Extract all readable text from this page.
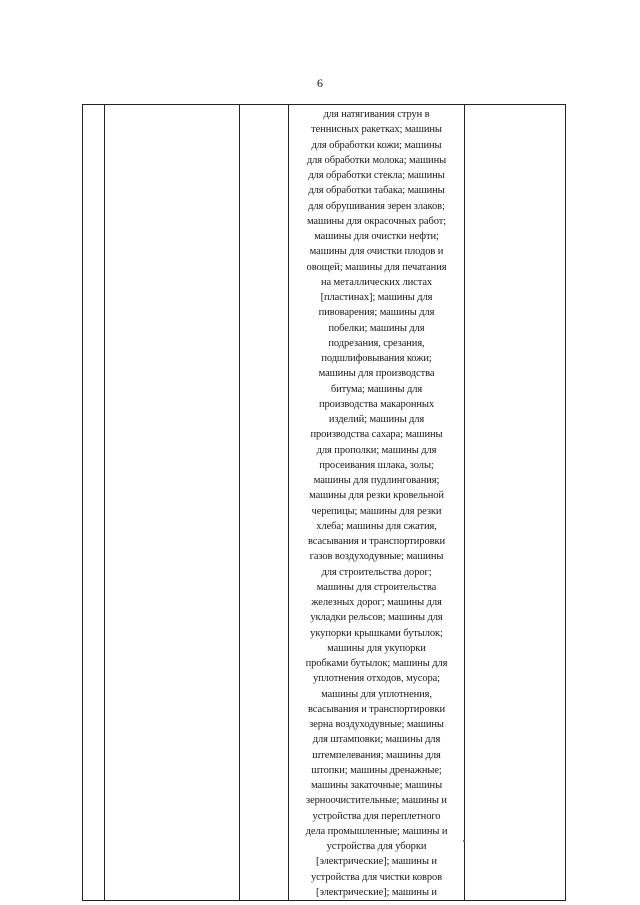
6

для натягивания струн в
теннисных ракетках; машины
для обработки кожи; машины
для обработки молока; машины
для обработки стекла; машины
для обработки табака; машины
для обрушивания зерен злаков;
машины для окрасочных работ;
машины для очистки нефти;
машины для очистки плодов и
овощей; машины для печатания
на металлических листах
[пластинах]; машины для
пивоварения; машины для
побелки; машины для
подрезания, срезания,
подшлифовывания кожи;
машины для производства
битума; машины для
производства макаронных
изделий; машины для
производства сахара; машины
для прополки; машины для
просеивания шлака, золы;
машины для пудлингования;
машины для резки кровельной
черепицы; машины для резки
хлеба; машины для сжатия,
всасывания и транспортировки
газов воздуходувные; машины
для строительства дорог;
машины для строительства
железных дорог; машины для
укладки рельсов; машины для
укупорки крышками бутылок;
машины для укупорки
пробками бутылок; машины для
уплотнения отходов, мусора;
машины для уплотнения,
всасывания и транспортировки
зерна воздуходувные; машины
для штамповки; машины для
штемпелевания; машины для
штопки; машины дренажные;
машины закаточные; машины
зерноочистительные; машины и
устройства для переплетного
дела промышленные; машины и
устройства для уборки
[электрические]; машины и
устройства для чистки ковров
[электрические]; машины и
